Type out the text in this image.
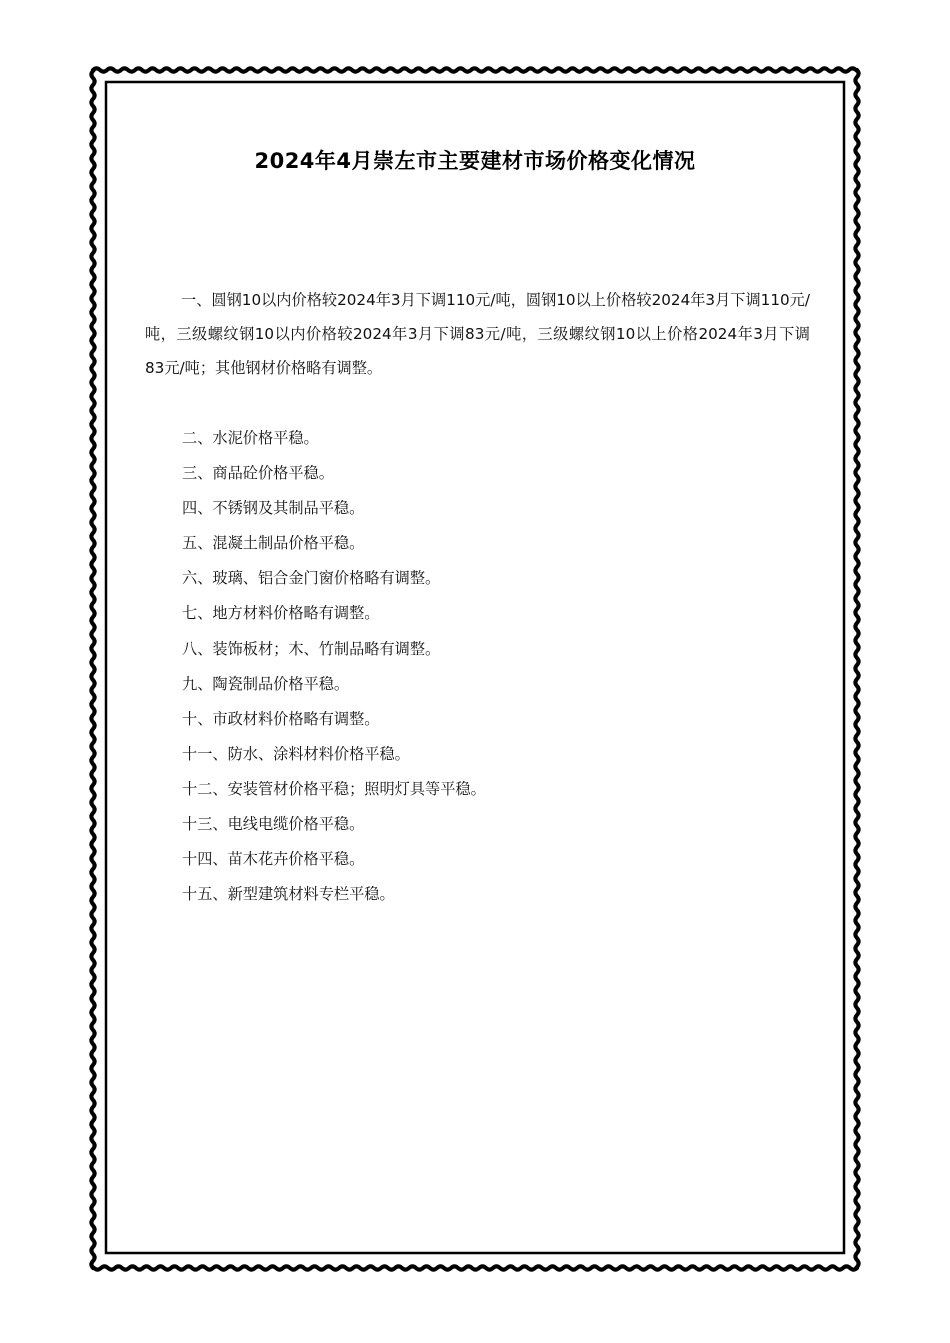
2024年4月崇左市主要建材市场价格变化情况
一、圆钢10以内价格较2024年3月下调110元/吨，圆钢10以上价格较2024年3月下调110元/吨，三级螺纹钢10以内价格较2024年3月下调83元/吨，三级螺纹钢10以上价格2024年3月下调83元/吨；其他钢材价格略有调整。
二、水泥价格平稳。
三、商品砼价格平稳。
四、不锈钢及其制品平稳。
五、混凝土制品价格平稳。
六、玻璃、铝合金门窗价格略有调整。
七、地方材料价格略有调整。
八、装饰板材；木、竹制品略有调整。
九、陶瓷制品价格平稳。
十、市政材料价格略有调整。
十一、防水、涂料材料价格平稳。
十二、安装管材价格平稳；照明灯具等平稳。
十三、电线电缆价格平稳。
十四、苗木花卉价格平稳。
十五、新型建筑材料专栏平稳。
